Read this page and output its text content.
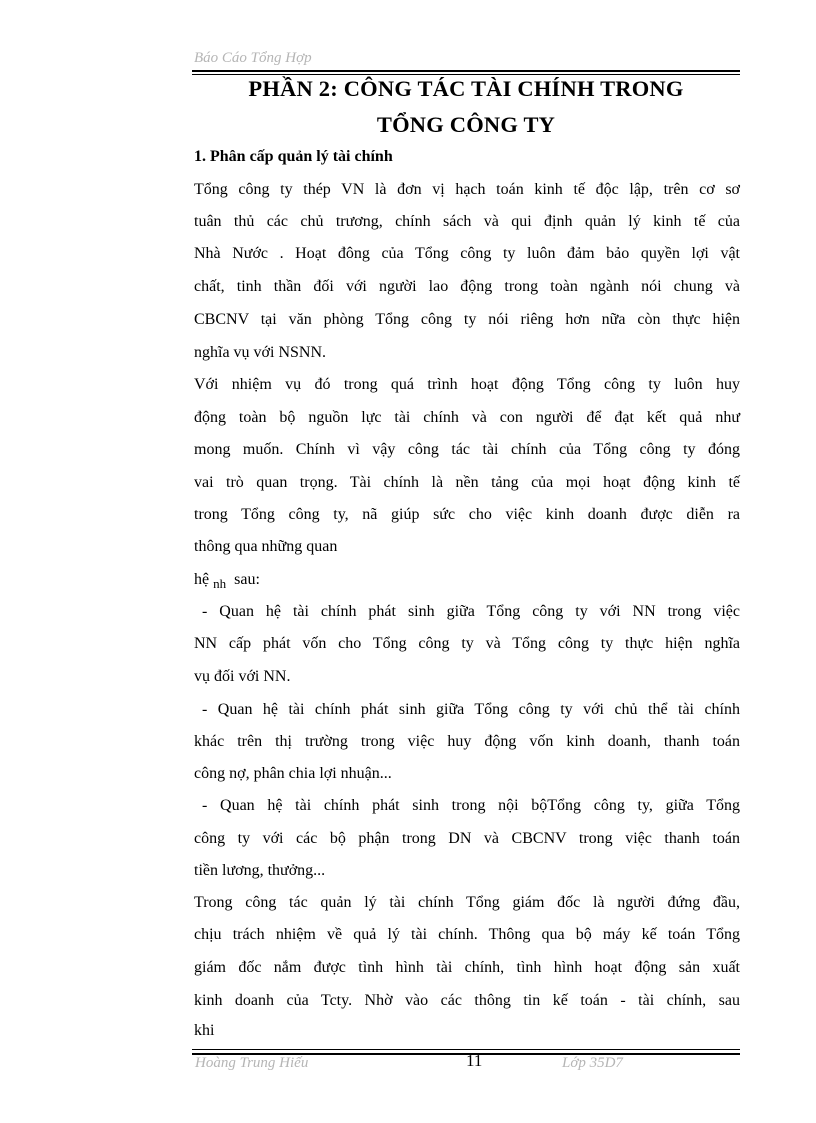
Báo Cáo Tổng Hợp
PHẦN 2: CÔNG TÁC TÀI CHÍNH TRONG
TỔNG CÔNG TY
1. Phân cấp quản lý tài chính
Tổng công ty thép VN là đơn vị hạch toán kinh tế độc lập, trên cơ sơ
tuân thủ các chủ trương, chính sách và qui định quản lý kinh tế của
Nhà Nước . Hoạt đông của Tổng công ty luôn đảm bảo quyền lợi vật
chất, tinh thần đối với người lao động trong toàn ngành nói chung và
CBCNV tại văn phòng Tổng công ty nói riêng hơn nữa còn thực hiện
nghĩa vụ với NSNN.
Với nhiệm vụ đó trong quá trình hoạt động Tổng công ty luôn huy
động toàn bộ nguồn lực tài chính và con người để đạt kết quả như
mong muốn. Chính vì vậy công tác tài chính của Tổng công ty đóng
vai trò quan trọng. Tài chính là nền tảng của mọi hoạt động kinh tế
trong Tổng công ty, nã giúp sức cho việc kinh doanh được diễn ra
thông qua những quan
hệ $_{nh}$ sau:
- Quan hệ tài chính phát sinh giữa Tổng công ty với NN trong việc
NN cấp phát vốn cho Tổng công ty và Tổng công ty thực hiện nghĩa
vụ đối với NN.
- Quan hệ tài chính phát sinh giữa Tổng công ty với chủ thể tài chính
khác trên thị trường trong việc huy động vốn kinh doanh, thanh toán
công nợ, phân chia lợi nhuận...
- Quan hệ tài chính phát sinh trong nội bộTổng công ty, giữa Tổng
công ty với các bộ phận trong DN và CBCNV trong việc thanh toán
tiền lương, thưởng...
Trong công tác quản lý tài chính Tổng giám đốc là người đứng đầu,
chịu trách nhiệm về quả lý tài chính. Thông qua bộ máy kế toán Tổng
giám đốc nắm được tình hình tài chính, tình hình hoạt động sản xuất
kinh doanh của Tcty. Nhờ vào các thông tin kế toán - tài chính, sau
khi
Hoàng Trung Hiếu	11	Lớp 35D7
